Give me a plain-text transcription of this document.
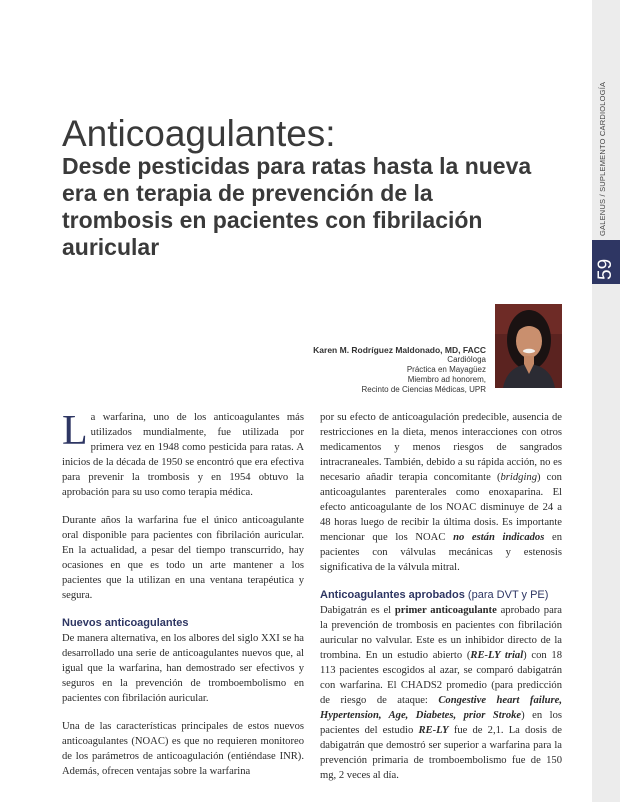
GALENUS / SUPLEMENTO CARDIOLOGÍA
59
Anticoagulantes:
Desde pesticidas para ratas hasta la nueva era en terapia de prevención de la trombosis en pacientes con fibrilación auricular
Karen M. Rodríguez Maldonado, MD, FACC
Cardióloga
Práctica en Mayagüez
Miembro ad honorem,
Recinto de Ciencias Médicas, UPR

La warfarina, uno de los anticoagulantes más utilizados mundialmente, fue utilizada por primera vez en 1948 como pesticida para ratas. A inicios de la década de 1950 se encontró que era efectiva para prevenir la trombosis y en 1954 obtuvo la aprobación para su uso como terapia médica.

Durante años la warfarina fue el único anticoagulante oral disponible para pacientes con fibrilación auricular. En la actualidad, a pesar del tiempo transcurrido, hay ocasiones en que es todo un arte mantener a los pacientes que la utilizan en una ventana terapéutica y segura.

Nuevos anticoagulantes

De manera alternativa, en los albores del siglo XXI se ha desarrollado una serie de anticoagulantes nuevos que, al igual que la warfarina, han demostrado ser efectivos y seguros en la prevención de tromboembolismo en pacientes con fibrilación auricular.

Una de las características principales de estos nuevos anticoagulantes (NOAC) es que no requieren monitoreo de los parámetros de anticoagulación (entiéndase INR). Además, ofrecen ventajas sobre la warfarina

por su efecto de anticoagulación predecible, ausencia de restricciones en la dieta, menos interacciones con otros medicamentos y menos riesgos de sangrados intracraneales. También, debido a su rápida acción, no es necesario añadir terapia concomitante (bridging) con anticoagulantes parenterales como enoxaparina. El efecto anticoagulante de los NOAC disminuye de 24 a 48 horas luego de recibir la última dosis. Es importante mencionar que los NOAC no están indicados en pacientes con válvulas mecánicas y estenosis significativa de la válvula mitral.

Anticoagulantes aprobados (para DVT y PE)

Dabigatrán es el primer anticoagulante aprobado para la prevención de trombosis en pacientes con fibrilación auricular no valvular. Este es un inhibidor directo de la trombina. En un estudio abierto (RE-LY trial) con 18 113 pacientes escogidos al azar, se comparó dabigatrán con warfarina. El CHADS2 promedio (para predicción de riesgo de ataque: Congestive heart failure, Hypertension, Age, Diabetes, prior Stroke) en los pacientes del estudio RE-LY fue de 2,1. La dosis de dabigatrán que demostró ser superior a warfarina para la prevención primaria de tromboembolismo fue de 150 mg, 2 veces al día.
